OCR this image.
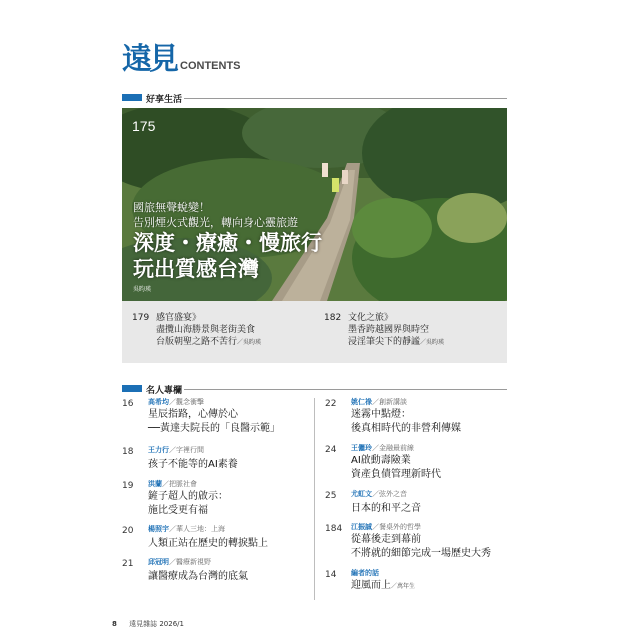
遠見 CONTENTS
好享生活
175
國旅無聲蛻變！
告別煙火式觀光，轉向身心靈旅遊
深度・療癒・慢旅行
玩出質感台灣
吳昀瑛
179 感官盛宴》
盡攬山海勝景與老街美食
台版朝聖之路不苦行／吳昀瑛
182 文化之旅》
墨香跨越國界與時空
浸淫筆尖下的靜謐／吳昀瑛
名人專欄
16 高希均／觀念衝擊
星辰指路，心傳於心
──黃達夫院長的「良醫示範」
18 王力行／字裡行間
孩子不能等的AI素養
19 洪蘭／把脈社會
鏟子超人的啟示：
施比受更有福
20 楊照宇／華人三地：上海
人類正站在歷史的轉捩點上
21 邱冠明／醫療新視野
讓醫療成為台灣的底氣
22 姚仁祿／創新講談
迷霧中點燈：
後真相時代的非營利傳媒
24 王儷玲／金融最前線
AI啟動壽險業
資產負債管理新時代
25 尤虹文／弦外之音
日本的和平之音
184 江振誠／餐桌外的哲學
從幕後走到幕前
不將就的細節完成一場歷史大秀
14 編者的話
迎風而上／萬年生
8 遠見雜誌 2026/1
